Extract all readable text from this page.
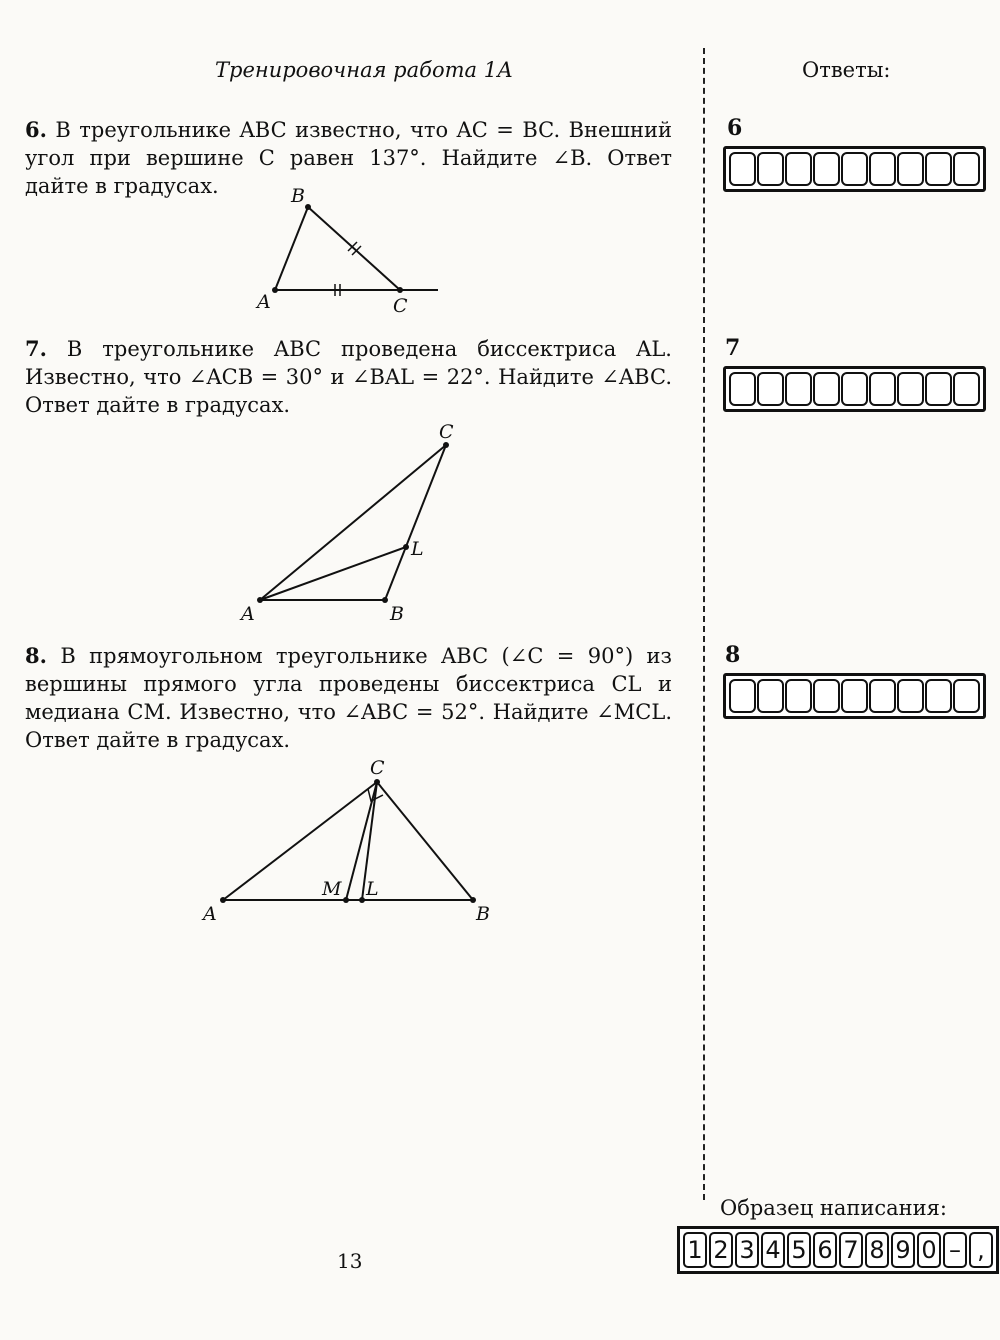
Тренировочная работа 1А	Ответы:
6. В треугольнике ABC известно, что AC = BC. Внешний угол при вершине C равен 137°. Найдите ∠B. Ответ дайте в градусах.
A
B
C
7. В треугольнике ABC проведена биссектриса AL. Известно, что ∠ACB = 30° и ∠BAL = 22°. Найдите ∠ABC. Ответ дайте в градусах.
A	B
C
L
8. В прямоугольном треугольнике ABC (∠C = 90°) из вершины прямого угла проведены биссектриса CL и медиана CM. Известно, что ∠ABC = 52°. Найдите ∠MCL. Ответ дайте в градусах.
A	B
C
M L
6
7
8
Образец написания:
1 2 3 4 5 6 7 8 9 0 – ,
13
